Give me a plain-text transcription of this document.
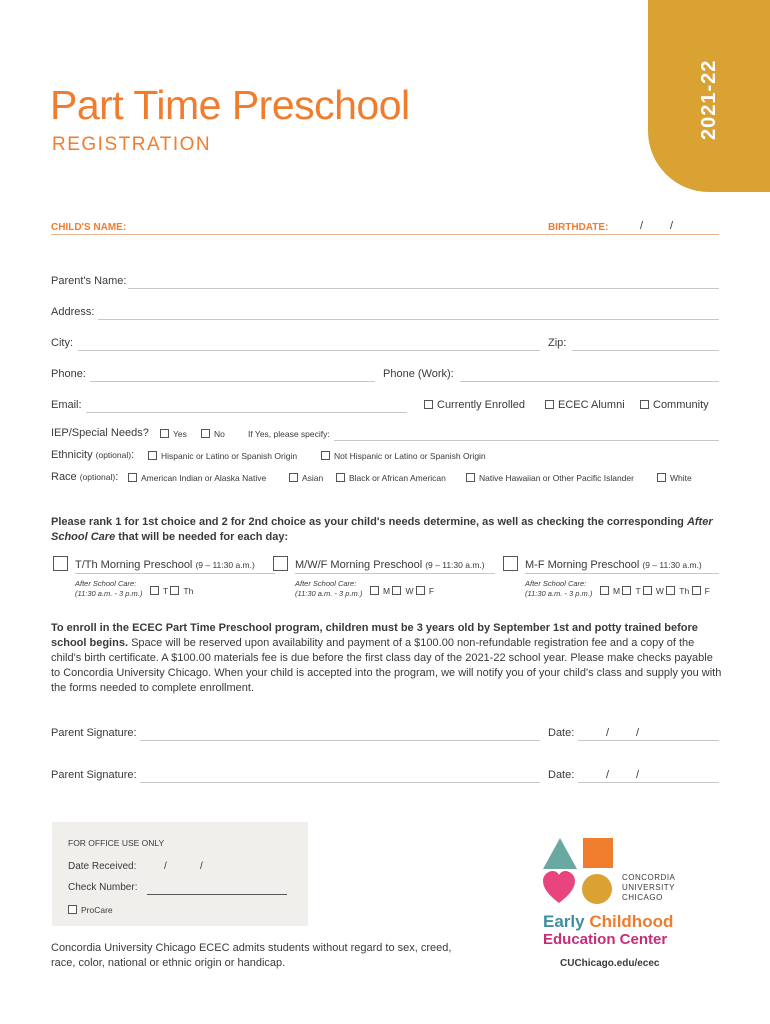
2021-22
Part Time Preschool
REGISTRATION
CHILD'S NAME:	BIRTHDATE:	/ /
Parent's Name:
Address:
City:	Zip:
Phone:	Phone (Work):
Email:	Currently Enrolled	ECEC Alumni	Community
IEP/Special Needs?	Yes	No	If Yes, please specify:
Ethnicity (optional):	Hispanic or Latino or Spanish Origin	Not Hispanic or Latino or Spanish Origin
Race (optional):	American Indian or Alaska Native	Asian	Black or African American	Native Hawaiian or Other Pacific Islander	White
Please rank 1 for 1st choice and 2 for 2nd choice as your child's needs determine, as well as checking the corresponding After School Care that will be needed for each day:
T/Th Morning Preschool (9 – 11:30 a.m.)
After School Care:
(11:30 a.m. - 3 p.m.)	T Th
M/W/F Morning Preschool (9 – 11:30 a.m.)
After School Care:
(11:30 a.m. - 3 p.m.)	M W F
M-F Morning Preschool (9 – 11:30 a.m.)
After School Care:
(11:30 a.m. - 3 p.m.)	M T W Th F
To enroll in the ECEC Part Time Preschool program, children must be 3 years old by September 1st and potty trained before school begins. Space will be reserved upon availability and payment of a $100.00 non-refundable registration fee and a copy of the child's birth certificate. A $100.00 materials fee is due before the first class day of the 2021-22 school year. Please make checks payable to Concordia University Chicago. When your child is accepted into the program, we will notify you of your child's class and supply you with the forms needed to complete enrollment.
Parent Signature:	Date:	/ /
Parent Signature:	Date:	/ /
FOR OFFICE USE ONLY
Date Received:	/	/
Check Number:
ProCare
Concordia University Chicago ECEC admits students without regard to sex, creed, race, color, national or ethnic origin or handicap.
CONCORDIA
UNIVERSITY
CHICAGO
Early Childhood
Education Center
CUChicago.edu/ecec
